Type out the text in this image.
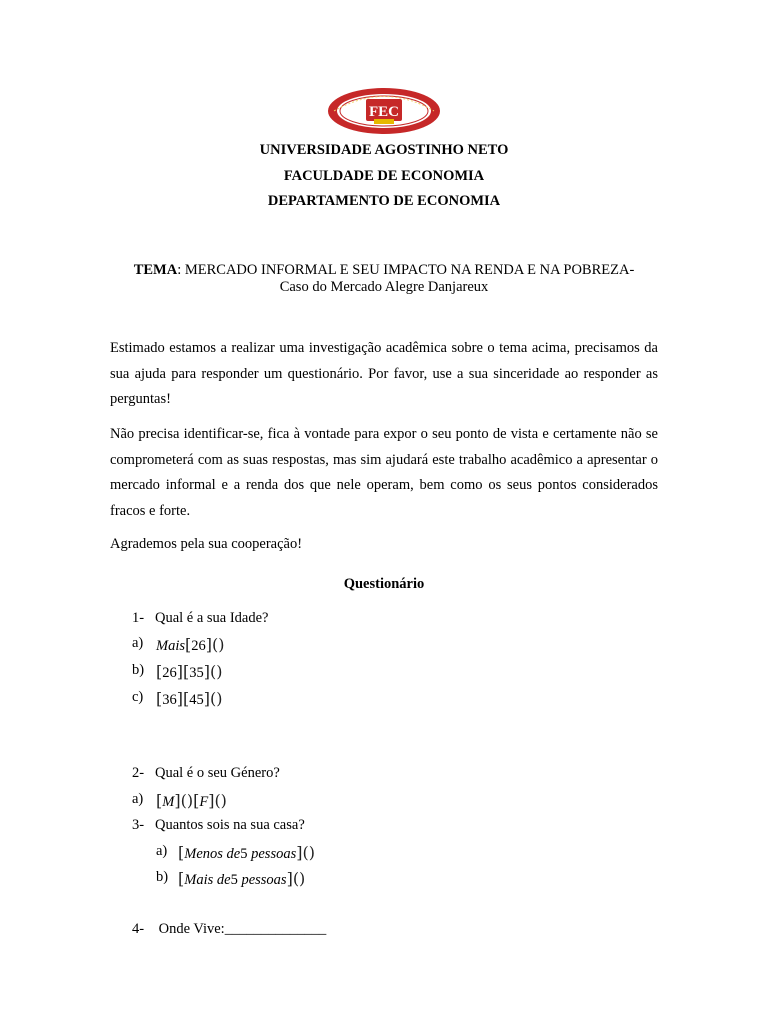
FEC
UNIVERSIDADE AGOSTINHO NETO
FACULDADE DE ECONOMIA
DEPARTAMENTO DE ECONOMIA
TEMA: MERCADO INFORMAL E SEU IMPACTO NA RENDA E NA POBREZA-
Caso do Mercado Alegre Danjareux
Estimado estamos a realizar uma investigação acadêmica sobre o tema acima, precisamos da sua ajuda para responder um questionário. Por favor, use a sua sinceridade ao responder as perguntas!
Não precisa identificar-se, fica à vontade para expor o seu ponto de vista e certamente não se comprometerá com as suas respostas, mas sim ajudará este trabalho acadêmico a apresentar o mercado informal e a renda dos que nele operam, bem como os seus pontos considerados fracos e forte.
Agrademos pela sua cooperação!
Questionário
1- Qual é a sua Idade?
a) Mais[26]()
b) [26][35]()
c) [36][45]()
2- Qual é o seu Género?
a) [M]()[F]()
3- Quantos sois na sua casa?
a) [Menos de5 pessoas]()
b) [Mais de5 pessoas]()
4- Onde Vive:______________
